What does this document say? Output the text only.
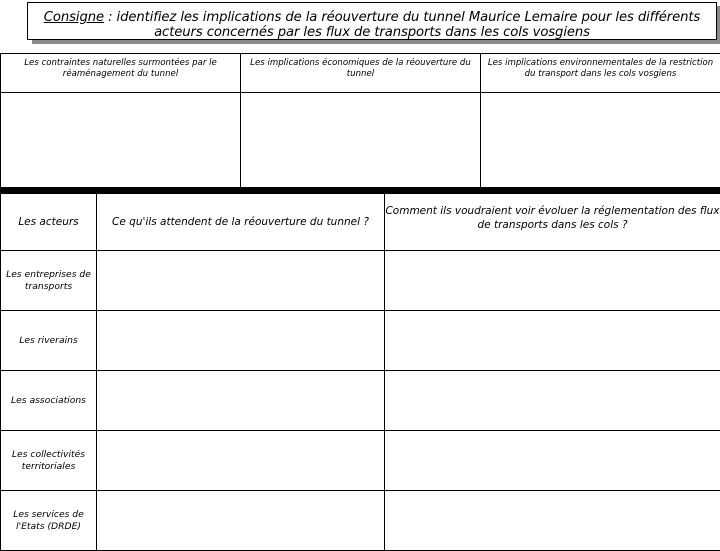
Consigne : identifiez les implications de la réouverture du tunnel Maurice Lemaire pour les différents acteurs concernés par les flux de transports dans les cols vosgiens
Les contraintes naturelles surmontées par le réaménagement du tunnel	Les implications économiques de la réouverture du tunnel	Les implications environnementales de la restriction du transport dans les cols vosgiens

Les acteurs	Ce qu'ils attendent de la réouverture du tunnel ?	Comment ils voudraient voir évoluer la réglementation des flux de transports dans les cols ?
Les entreprises de transports		
Les riverains		
Les associations		
Les collectivités territoriales		
Les services de l'Etats (DRDE)		
